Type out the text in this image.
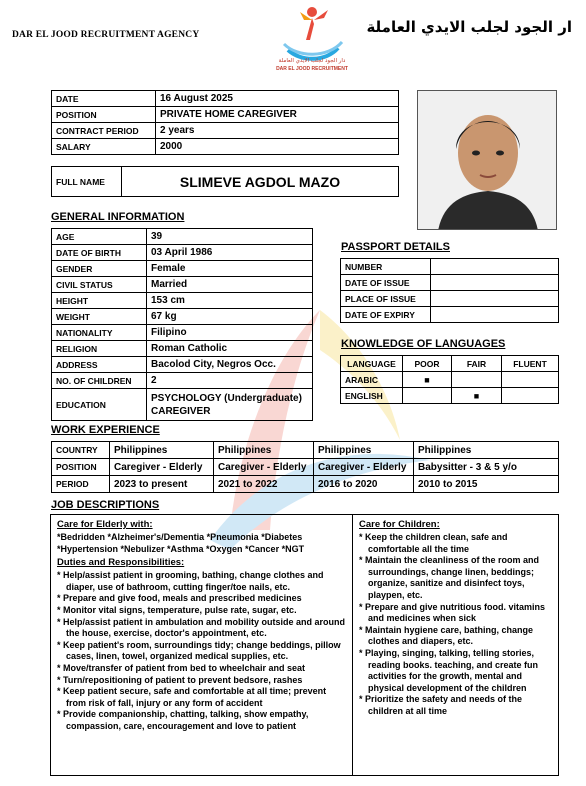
DAR EL JOOD RECRUITMENT AGENCY	ار الجود لجلب الايدي العاملة
دار الجود لجلب الايدي العاملة
DAR EL JOOD RECRUITMENT
DATE	16 August 2025
POSITION	PRIVATE HOME CAREGIVER
CONTRACT PERIOD	2 years
SALARY	2000
FULL NAME	SLIMEVE AGDOL MAZO
GENERAL INFORMATION
AGE	39
DATE OF BIRTH	03 April 1986
GENDER	Female
CIVIL STATUS	Married
HEIGHT	153 cm
WEIGHT	67 kg
NATIONALITY	Filipino
RELIGION	Roman Catholic
ADDRESS	Bacolod City, Negros Occ.
NO. OF CHILDREN	2
EDUCATION	PSYCHOLOGY (Undergraduate)
CAREGIVER
PASSPORT DETAILS
NUMBER	
DATE OF ISSUE	
PLACE OF ISSUE	
DATE OF EXPIRY	
KNOWLEDGE OF LANGUAGES
LANGUAGE	POOR	FAIR	FLUENT
ARABIC	■		
ENGLISH		■	
WORK EXPERIENCE
COUNTRY	Philippines	Philippines	Philippines	Philippines
POSITION	Caregiver - Elderly	Caregiver - Elderly	Caregiver - Elderly	Babysitter - 3 & 5 y/o
PERIOD	2023 to present	2021 to 2022	2016 to 2020	2010 to 2015
JOB DESCRIPTIONS
Care for Elderly with:
*Bedridden *Alzheimer's/Dementia *Pneumonia *Diabetes
*Hypertension *Nebulizer *Asthma *Oxygen *Cancer *NGT
Duties and Responsibilities:
* Help/assist patient in grooming, bathing, change clothes and diaper, use of bathroom, cutting finger/toe nails, etc.
* Prepare and give food, meals and prescribed medicines
* Monitor vital signs, temperature, pulse rate, sugar, etc.
* Help/assist patient in ambulation and mobility outside and around the house, exercise, doctor's appointment, etc.
* Keep patient's room, surroundings tidy; change beddings, pillow cases, linen, towel, organized medical supplies, etc.
* Move/transfer of patient from bed to wheelchair and seat
* Turn/repositioning of patient to prevent bedsore, rashes
* Keep patient secure, safe and comfortable at all time; prevent from risk of fall, injury or any form of accident
* Provide companionship, chatting, talking, show empathy, compassion, care, encouragement and love to patient
Care for Children:
* Keep the children clean, safe and comfortable all the time
* Maintain the cleanliness of the room and surroundings, change linen, beddings; organize, sanitize and disinfect toys, playpen, etc.
* Prepare and give nutritious food. vitamins and medicines when sick
* Maintain hygiene care, bathing, change clothes and diapers, etc.
* Playing, singing, talking, telling stories, reading books. teaching, and create fun activities for the growth, mental and physical development of the children
* Prioritize the safety and needs of the children at all time
